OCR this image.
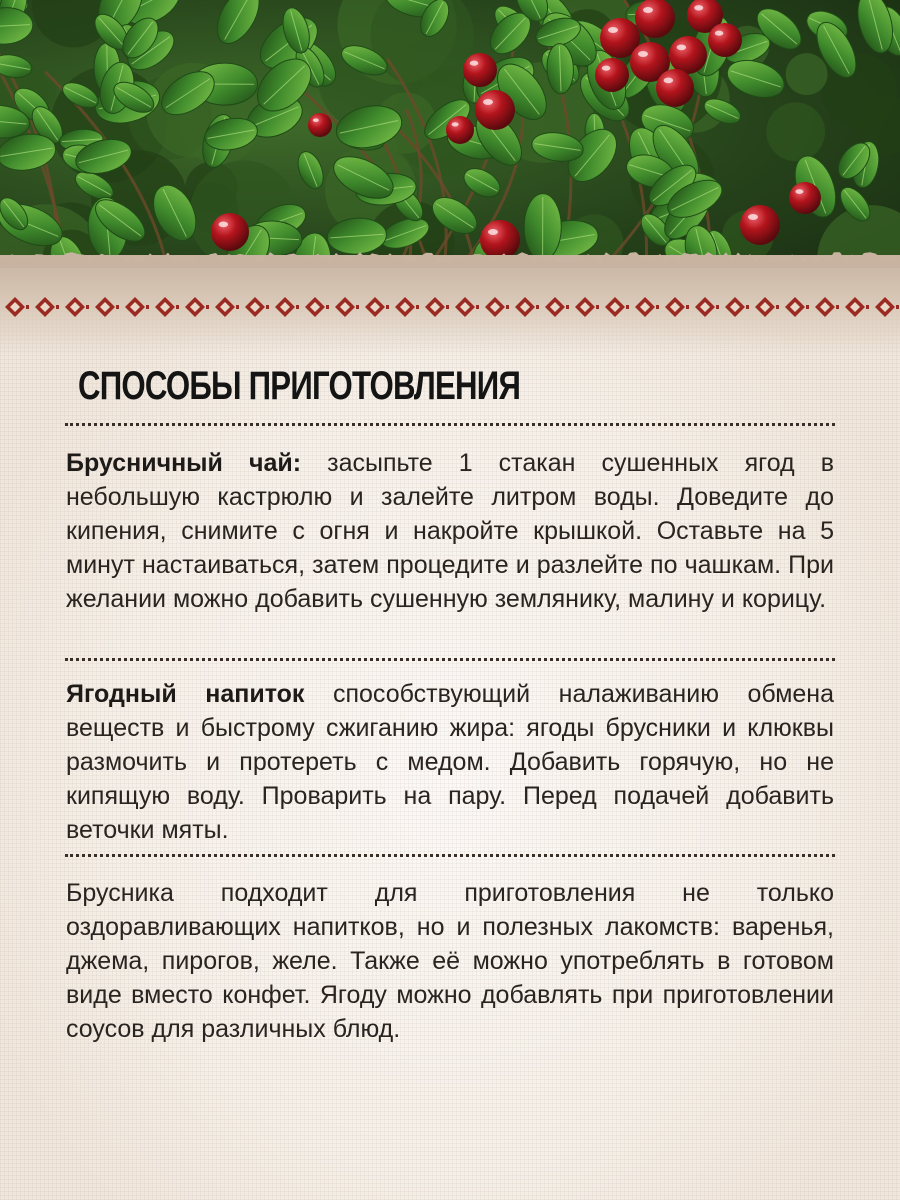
СПОСОБЫ ПРИГОТОВЛЕНИЯ

Брусничный чай: засыпьте 1 стакан сушенных ягод в небольшую кастрюлю и залейте литром воды. Доведите до кипения, снимите с огня и накройте крышкой. Оставьте на 5 минут настаиваться, затем процедите и разлейте по чашкам. При желании можно добавить сушенную землянику, малину и корицу.

Ягодный напиток способствующий налаживанию обмена веществ и быстрому сжиганию жира: ягоды брусники и клюквы размочить и протереть с медом. Добавить горячую, но не кипящую воду. Проварить на пару. Перед подачей добавить веточки мяты.

Брусника подходит для приготовления не только оздоравливающих напитков, но и полезных лакомств: варенья, джема, пирогов, желе. Также её можно употреблять в готовом виде вместо конфет. Ягоду можно добавлять при приготовлении соусов для различных блюд.
